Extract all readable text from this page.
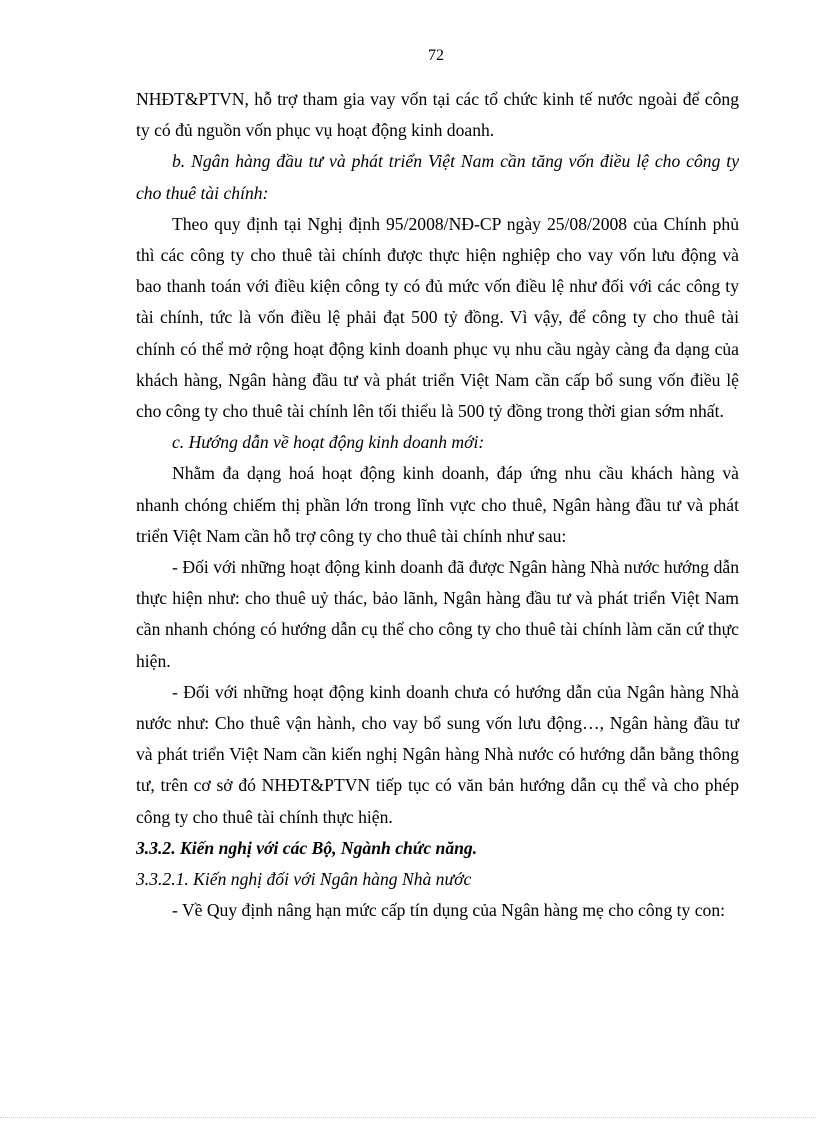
72

NHĐT&PTVN, hỗ trợ tham gia vay vốn tại các tổ chức kinh tế nước ngoài để công ty có đủ nguồn vốn phục vụ hoạt động kinh doanh.

b. Ngân hàng đầu tư và phát triển Việt Nam cần tăng vốn điều lệ cho công ty cho thuê tài chính:

Theo quy định tại Nghị định 95/2008/NĐ-CP ngày 25/08/2008 của Chính phủ thì các công ty cho thuê tài chính được thực hiện nghiệp cho vay vốn lưu động và bao thanh toán với điều kiện công ty có đủ mức vốn điều lệ như đối với các công ty tài chính, tức là vốn điều lệ phải đạt 500 tỷ đồng. Vì vậy, để công ty cho thuê tài chính có thể mở rộng hoạt động kinh doanh phục vụ nhu cầu ngày càng đa dạng của khách hàng, Ngân hàng đầu tư và phát triển Việt Nam cần cấp bổ sung vốn điều lệ cho công ty cho thuê tài chính lên tối thiểu là 500 tỷ đồng trong thời gian sớm nhất.

c. Hướng dẫn về hoạt động kinh doanh mới:

Nhằm đa dạng hoá hoạt động kinh doanh, đáp ứng nhu cầu khách hàng và nhanh chóng chiếm thị phần lớn trong lĩnh vực cho thuê, Ngân hàng đầu tư và phát triển Việt Nam cần hỗ trợ công ty cho thuê tài chính như sau:

- Đối với những hoạt động kinh doanh đã được Ngân hàng Nhà nước hướng dẫn thực hiện như: cho thuê uỷ thác, bảo lãnh, Ngân hàng đầu tư và phát triển Việt Nam cần nhanh chóng có hướng dẫn cụ thể cho công ty cho thuê tài chính làm căn cứ thực hiện.

- Đối với những hoạt động kinh doanh chưa có hướng dẫn của Ngân hàng Nhà nước như: Cho thuê vận hành, cho vay bổ sung vốn lưu động…, Ngân hàng đầu tư và phát triển Việt Nam cần kiến nghị Ngân hàng Nhà nước có hướng dẫn bằng thông tư, trên cơ sở đó NHĐT&PTVN tiếp tục có văn bản hướng dẫn cụ thể và cho phép công ty cho thuê tài chính thực hiện.

3.3.2. Kiến nghị với các Bộ, Ngành chức năng.

3.3.2.1. Kiến nghị đối với Ngân hàng Nhà nước

- Về Quy định nâng hạn mức cấp tín dụng của Ngân hàng mẹ cho công ty con:
